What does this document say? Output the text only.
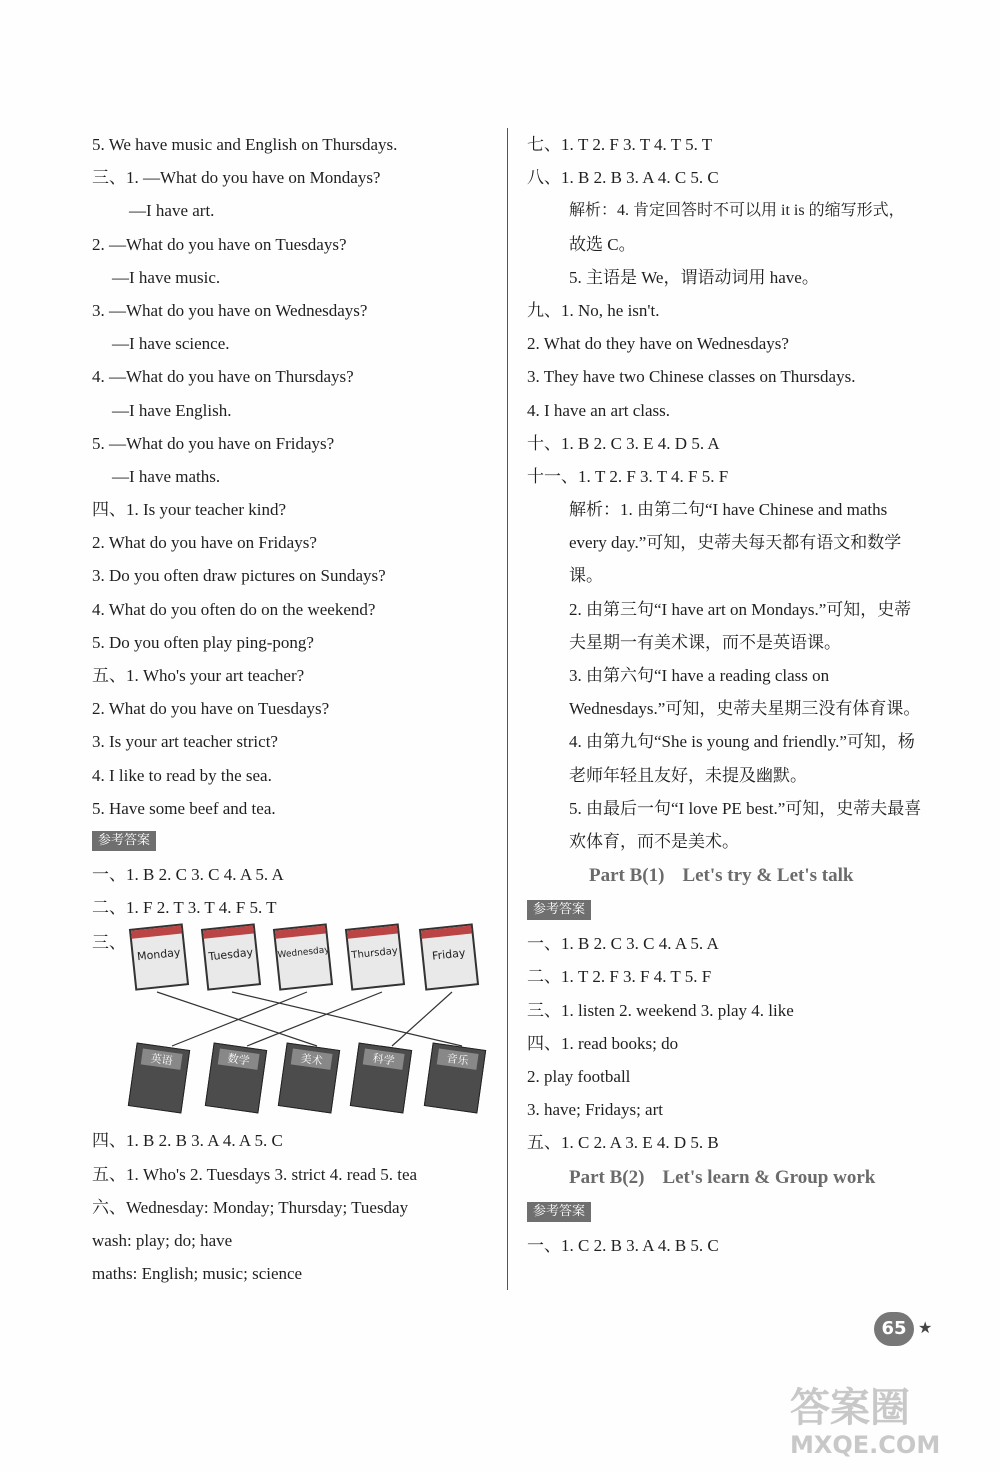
5. We have music and English on Thursdays.
三、1. —What do you have on Mondays?
—I have art.
2. —What do you have on Tuesdays?
—I have music.
3. —What do you have on Wednesdays?
—I have science.
4. —What do you have on Thursdays?
—I have English.
5. —What do you have on Fridays?
—I have maths.
四、1. Is your teacher kind?
2. What do you have on Fridays?
3. Do you often draw pictures on Sundays?
4. What do you often do on the weekend?
5. Do you often play ping-pong?
五、1. Who's your art teacher?
2. What do you have on Tuesdays?
3. Is your art teacher strict?
4. I like to read by the sea.
5. Have some beef and tea.
参考答案
一、1. B 2. C 3. C 4. A 5. A
二、1. F 2. T 3. T 4. F 5. T
三、
Monday Tuesday	Wednesday Thursday	Friday
英语	数学	美术	科学	音乐
四、1. B 2. B 3. A 4. A 5. C
五、1. Who's 2. Tuesdays 3. strict 4. read 5. tea
六、Wednesday: Monday; Thursday; Tuesday
wash: play; do; have
maths: English; music; science
七、1. T 2. F 3. T 4. T 5. T
八、1. B 2. B 3. A 4. C 5. C
解析：4. 肯定回答时不可以用 it is 的缩写形式，
故选 C。
5. 主语是 We，谓语动词用 have。
九、1. No, he isn't.
2. What do they have on Wednesdays?
3. They have two Chinese classes on Thursdays.
4. I have an art class.
十、1. B 2. C 3. E 4. D 5. A
十一、1. T 2. F 3. T 4. F 5. F
解析：1. 由第二句“I have Chinese and maths every day.”可知，史蒂夫每天都有语文和数学课。
2. 由第三句“I have art on Mondays.”可知，史蒂夫星期一有美术课，而不是英语课。
3. 由第六句“I have a reading class on Wednesdays.”可知，史蒂夫星期三没有体育课。
4. 由第九句“She is young and friendly.”可知，杨老师年轻且友好，未提及幽默。
5. 由最后一句“I love PE best.”可知，史蒂夫最喜欢体育，而不是美术。
Part B(1) Let's try & Let's talk
参考答案
一、1. B 2. C 3. C 4. A 5. A
二、1. T 2. F 3. F 4. T 5. F
三、1. listen 2. weekend 3. play 4. like
四、1. read books; do
2. play football
3. have; Fridays; art
五、1. C 2. A 3. E 4. D 5. B
Part B(2) Let's learn & Group work
参考答案
一、1. C 2. B 3. A 4. B 5. C
65 ★
答案圈
MXQE.COM
